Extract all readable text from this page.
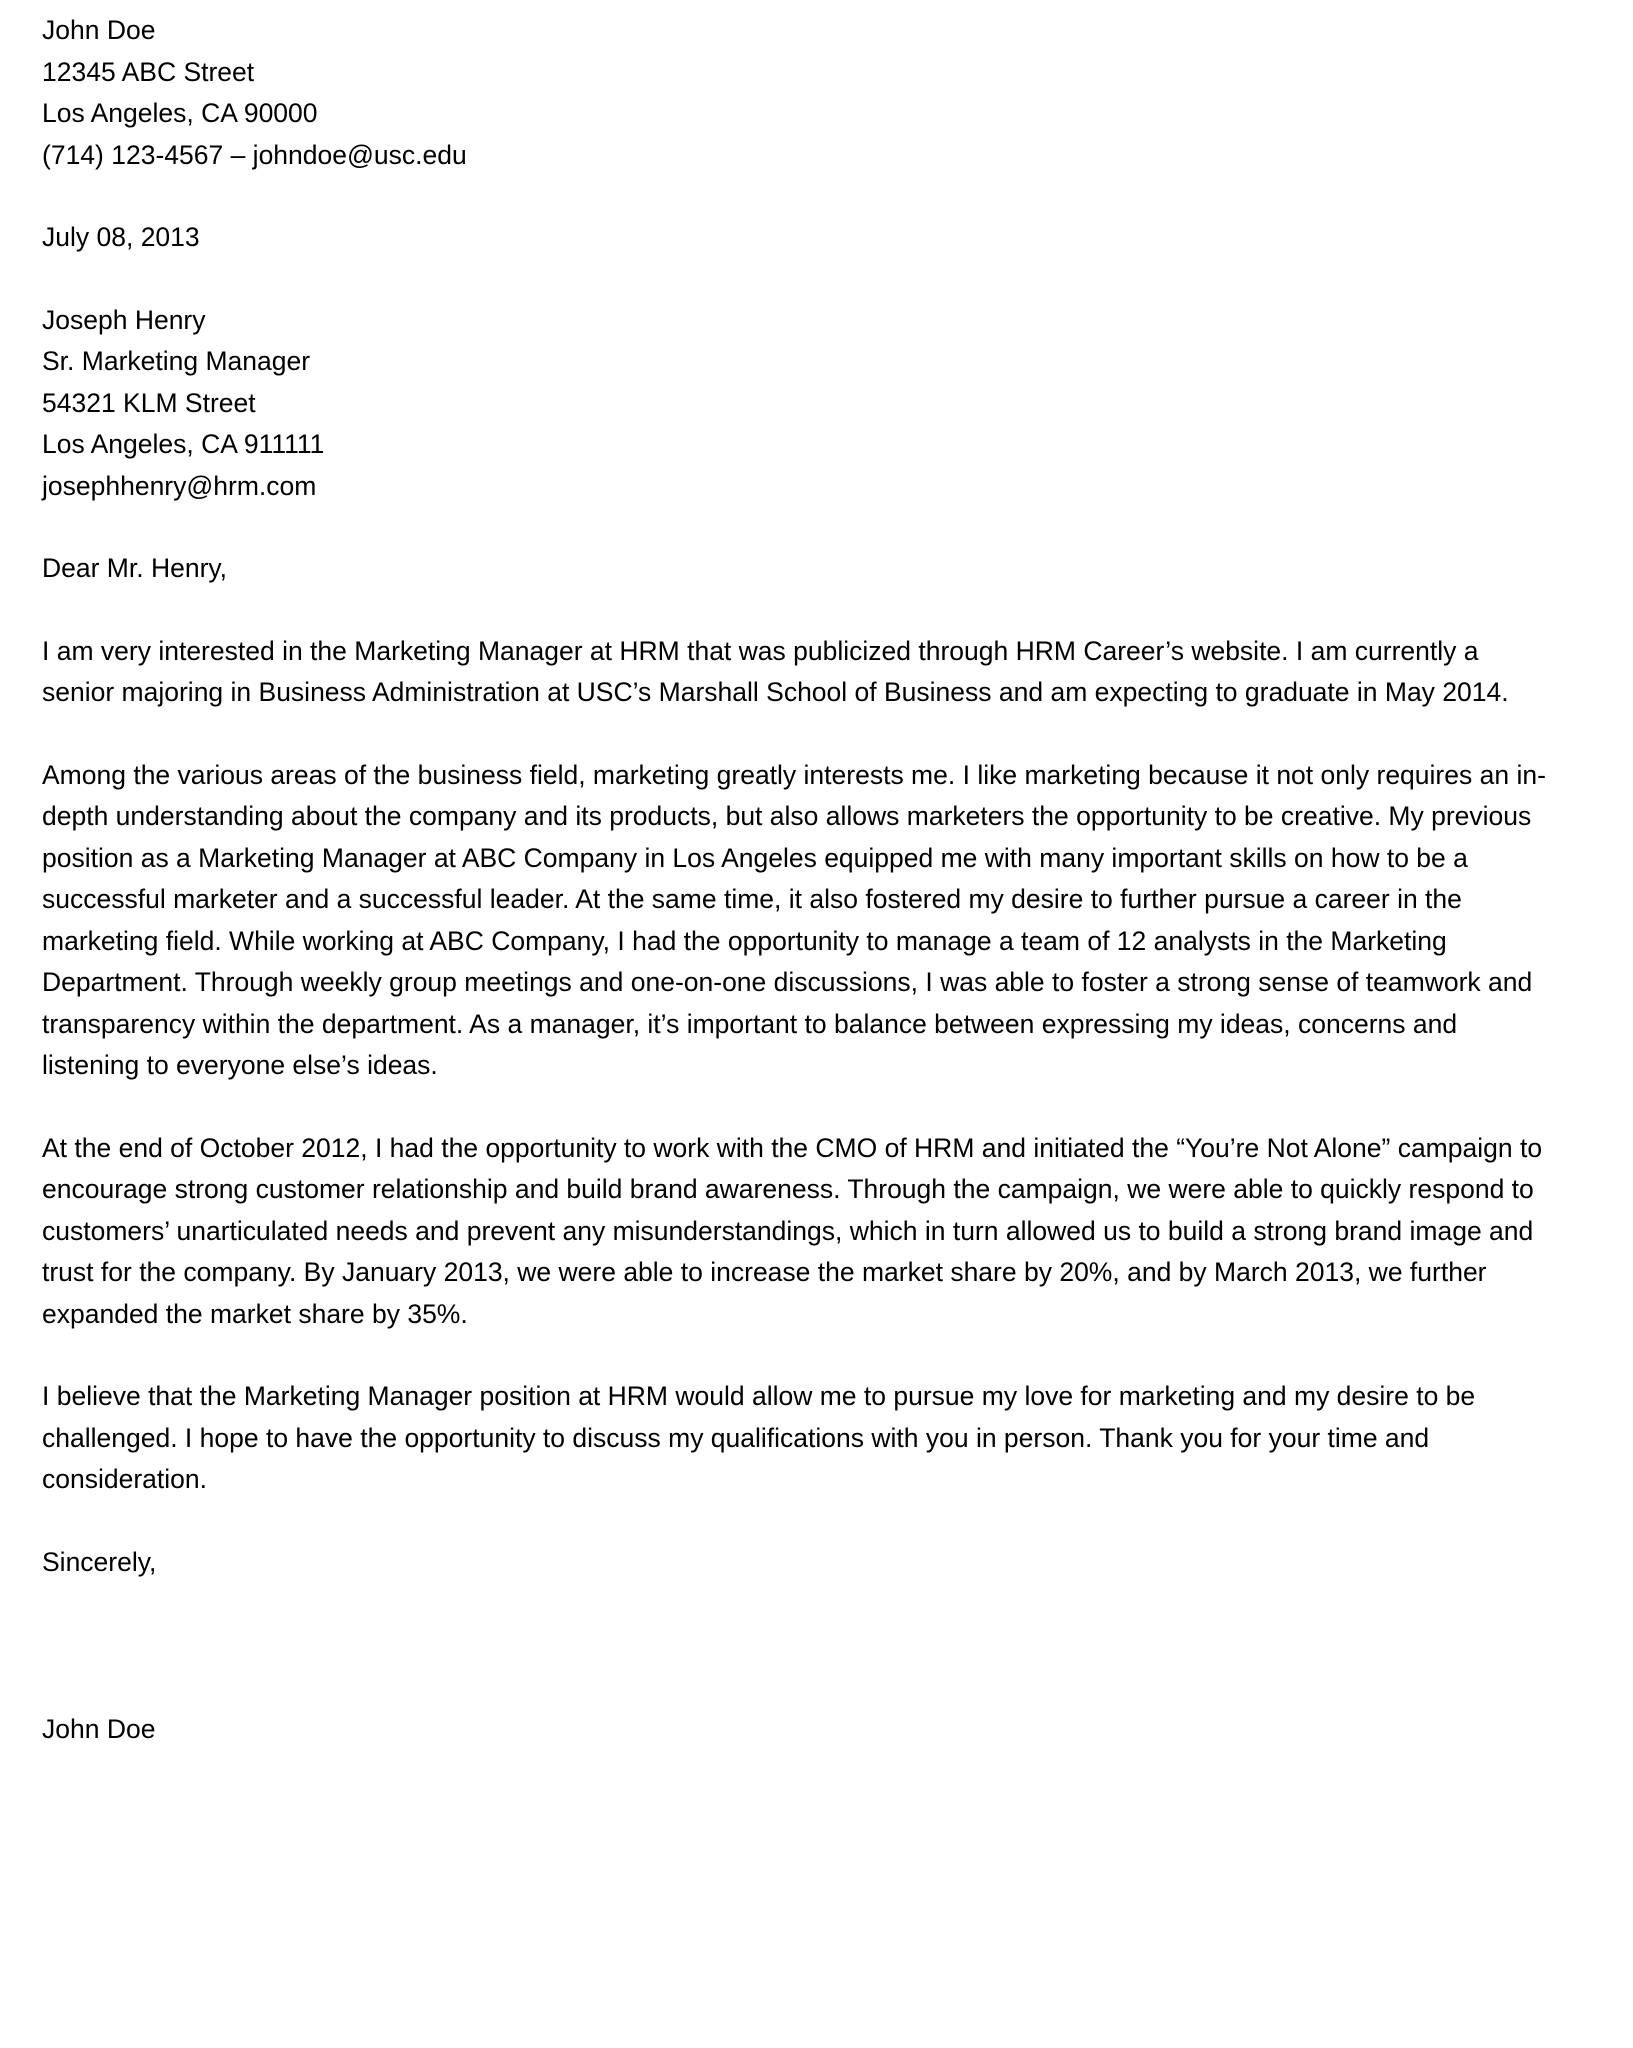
John Doe
12345 ABC Street
Los Angeles, CA 90000
(714) 123-4567 – johndoe@usc.edu
July 08, 2013
Joseph Henry
Sr. Marketing Manager
54321 KLM Street
Los Angeles, CA 911111
josephhenry@hrm.com
Dear Mr. Henry,

I am very interested in the Marketing Manager at HRM that was publicized through HRM Career’s website. I am currently a senior majoring in Business Administration at USC’s Marshall School of Business and am expecting to graduate in May 2014.

Among the various areas of the business field, marketing greatly interests me. I like marketing because it not only requires an in-depth understanding about the company and its products, but also allows marketers the opportunity to be creative. My previous position as a Marketing Manager at ABC Company in Los Angeles equipped me with many important skills on how to be a successful marketer and a successful leader. At the same time, it also fostered my desire to further pursue a career in the marketing field. While working at ABC Company, I had the opportunity to manage a team of 12 analysts in the Marketing Department. Through weekly group meetings and one-on-one discussions, I was able to foster a strong sense of teamwork and transparency within the department. As a manager, it’s important to balance between expressing my ideas, concerns and listening to everyone else’s ideas.

At the end of October 2012, I had the opportunity to work with the CMO of HRM and initiated the “You’re Not Alone” campaign to encourage strong customer relationship and build brand awareness. Through the campaign, we were able to quickly respond to customers’ unarticulated needs and prevent any misunderstandings, which in turn allowed us to build a strong brand image and trust for the company. By January 2013, we were able to increase the market share by 20%, and by March 2013, we further expanded the market share by 35%.

I believe that the Marketing Manager position at HRM would allow me to pursue my love for marketing and my desire to be challenged. I hope to have the opportunity to discuss my qualifications with you in person. Thank you for your time and consideration.

Sincerely,
John Doe
